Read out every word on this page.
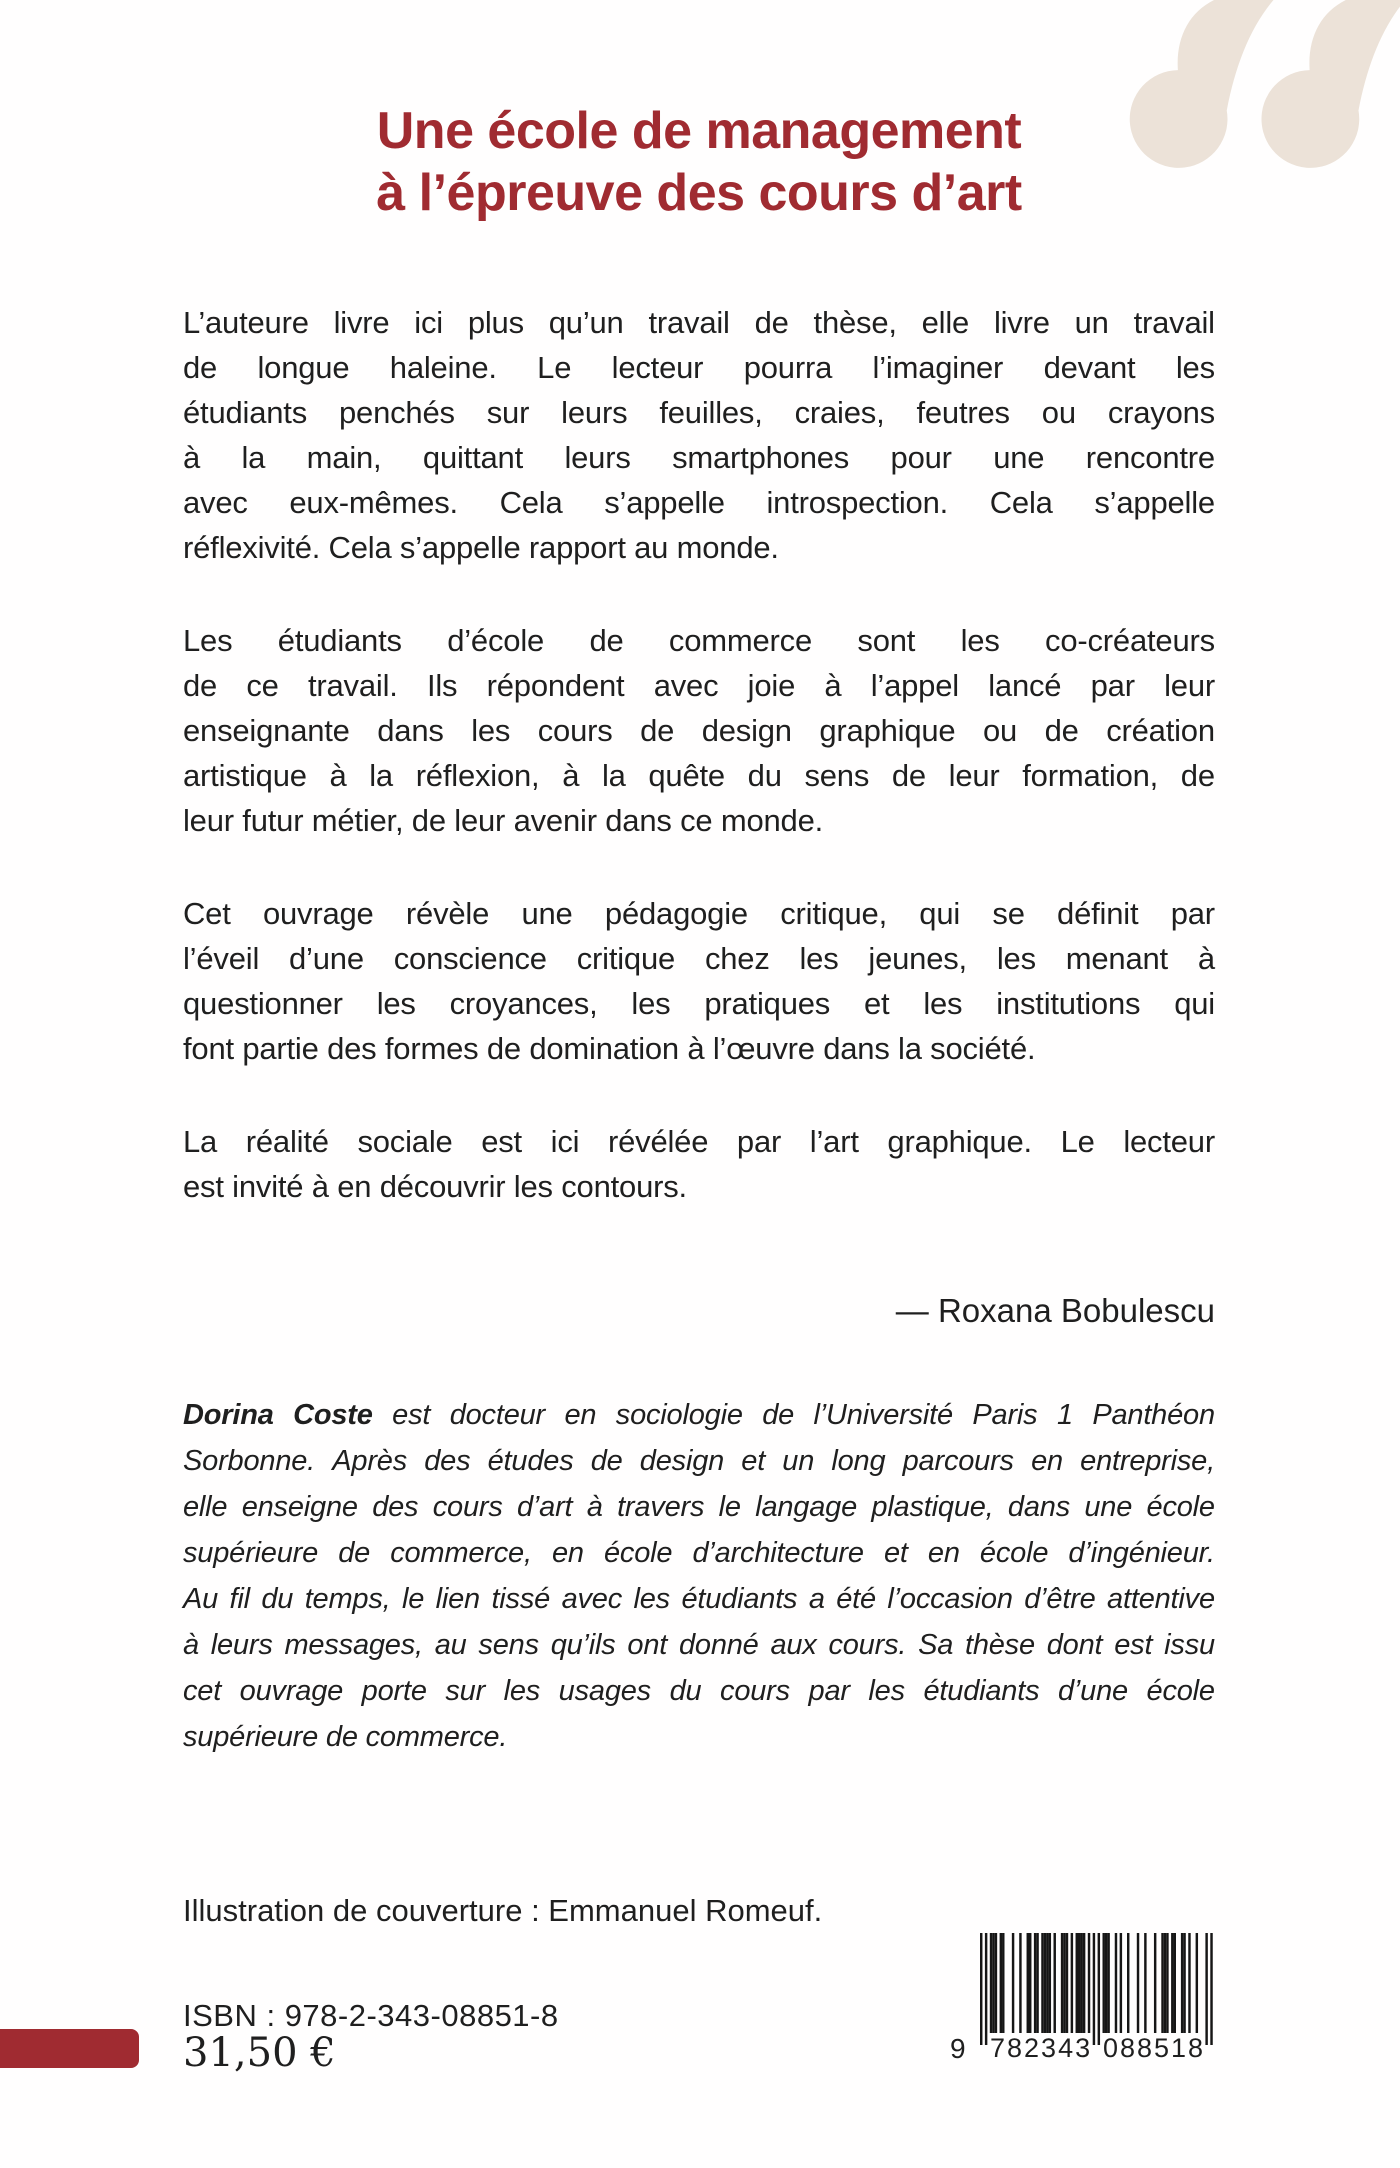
Une école de management
à l’épreuve des cours d’art
L’auteure livre ici plus qu’un travail de thèse, elle livre un travail
de longue haleine. Le lecteur pourra l’imaginer devant les
étudiants penchés sur leurs feuilles, craies, feutres ou crayons
à la main, quittant leurs smartphones pour une rencontre
avec eux-mêmes. Cela s’appelle introspection. Cela s’appelle
réflexivité. Cela s’appelle rapport au monde.
Les étudiants d’école de commerce sont les co-créateurs
de ce travail. Ils répondent avec joie à l’appel lancé par leur
enseignante dans les cours de design graphique ou de création
artistique à la réflexion, à la quête du sens de leur formation, de
leur futur métier, de leur avenir dans ce monde.
Cet ouvrage révèle une pédagogie critique, qui se définit par
l’éveil d’une conscience critique chez les jeunes, les menant à
questionner les croyances, les pratiques et les institutions qui
font partie des formes de domination à l’œuvre dans la société.
La réalité sociale est ici révélée par l’art graphique. Le lecteur
est invité à en découvrir les contours.
— Roxana Bobulescu
Dorina Coste est docteur en sociologie de l’Université Paris 1 Panthéon
Sorbonne. Après des études de design et un long parcours en entreprise,
elle enseigne des cours d’art à travers le langage plastique, dans une école
supérieure de commerce, en école d’architecture et en école d’ingénieur.
Au fil du temps, le lien tissé avec les étudiants a été l’occasion d’être attentive
à leurs messages, au sens qu’ils ont donné aux cours. Sa thèse dont est issu
cet ouvrage porte sur les usages du cours par les étudiants d’une école
supérieure de commerce.
Illustration de couverture : Emmanuel Romeuf.
ISBN : 978-2-343-08851-8
31,50 €	9 782343 088518
